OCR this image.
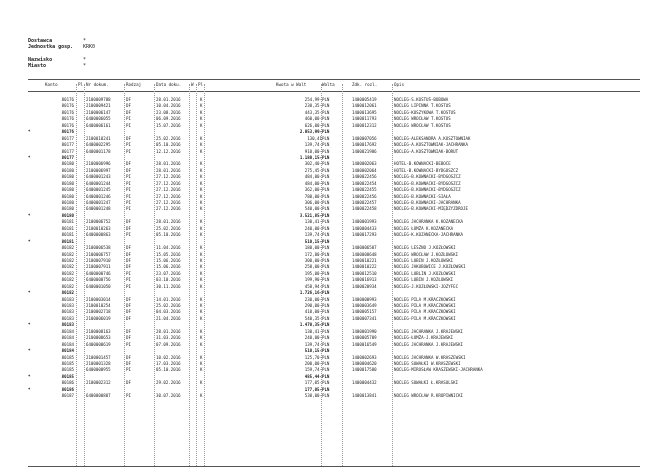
Dostawca	*
Jednostka gosp. KRK0
Nazwisko	*
Miasto	*
Konto	Pl Nr dokum.	Rodzaj	Data doku. W Pl	Kwota w Walt	Walta	Zdk. rozl.	Opis
80176	2100009788	DF	28.01.2016	K	254,99- PLN	1400005419	NOCLEG-S.KOSTUŚ-BOBOWA
80176	2100009421	DF	10.04.2016	K	230,35- PLN	1400012061	NOCLEG LIPINNA T.KOSTUŚ
80176	2100006147	DF	23.08.2016	K	443,35- PLN	1400013695	NOCLEG-KOSZYKOWA T.KOSTUŚ
80176	6400006055	PI	06.09.2016	K	460,00- PLN	1400011793	NOCLEG WROCŁAW T.KOSTUŚ
80176	6400006161	PI	15.07.2016	K	626,00- PLN	1400012312	NOCLEG WROCŁAW T.KOSTUŚ
*	80176	2.053,99- PLN
80177	2100010241	DF	25.02.2016	K	130,41 PLN	1400007056	NOCLEG-ALEKSANDRA A.KOSZTOWNIAK
80177	6400002295	PI	05.10.2016	K	139,74- PLN	1400017692	NOCLEG-A.KOSZTOWNIAK-JACHRANKA
80177	6400001178	PI	12.12.2016	K	910,00- PLN	1400021986	NOCLEG-A.KOSZTOWNIAK-BORUT
*	80177	1.180,15- PLN
80180	2100006996	DF	28.01.2016	K	302,40- PLN	1400002063	HOTEL-B.KOWNACKI-BEBOCE
80180	2100006997	DF	28.01.2016	K	275,45- PLN	1400002064	HOTEL-B.KOWNACKI-BYDGOSZCZ
80180	6400001243	PI	27.12.2016	K	484,00- PLN	1400022456	NOCLEG-B.KOWNACKI-BYDGOSZCZ
80180	6400001244	PI	27.12.2016	K	484,00- PLN	1400022454	NOCLEG-B.KOWNACKI-BYDGOSZCZ
80180	6400001245	PI	27.12.2016	K	362,00- PLN	1400022455	NOCLEG-B.KOWNACKI-BYDGOSZCZ
80180	6400001246	PI	27.12.2016	K	780,00- PLN	1400022456	NOCLEG-B.KOWNACKI-SIAŁA
80180	6400001247	PI	27.12.2016	K	306,00- PLN	1400022457	NOCLEG-B.KOWNACKI-JACHRANKA
80180	6400001248	PI	27.12.2016	K	540,00- PLN	1400022458	NOCLEG-B.KOWNACKI-MIĘDZYZDROJE
*	80180	3.521,85- PLN
80181	2100006752	DF	28.01.2016	K	130,41- PLN	1400001993	NOCLEG JACHRANKA K.KOZANECKA
80181	2100010263	DF	25.02.2016	K	240,00- PLN	1400004433	NOCLEG ŁOMŻA K.KOZANECKA
80181	6400000863	PI	05.10.2016	K	139,74- PLN	1400017293	NOCLEG-K.KOZANECKA-JACHRANKA
*	80181	510,15- PLN
80182	2100006538	DF	11.04.2016	K	180,00- PLN	1400006507	NOCLEG LESZNO J.KOZŁOWSKI
80182	2100006757	DF	15.05.2016	K	172,80- PLN	1400008648	NOCLEG WROCŁAW J.KOZŁOWSKI
80182	2100007910	DF	15.06.2016	K	300,00- PLN	1400010221	NOCLEG LUBIN J.KOZŁOWSKI
80182	2100007911	DF	15.06.2016	K	258,00- PLN	1400010222	NOCLEG JAKUBOWICE J.KOZŁOWSKI
80182	6400000746	PI	23.07.2016	K	195,00- PLN	1400012510	NOCLEG LUBLIN J.KOZŁOWSKI
80182	6400000756	PI	03.10.2016	K	199,90- PLN	1400016913	NOCLEG LUBIN J.KOZŁOWSKI
80182	6400001050	PI	30.11.2016	K	458,94- PLN	1400020934	NOCLEG-J.KOZŁOWSKI-JOZYFEC
*	80182	1.726,16- PLN
80183	2100003014	DF	14.01.2016	K	230,00- PLN	1400000993	NOCLEG PILA M.KRACZKOWSKI
80183	2100010254	DF	25.02.2016	K	290,00- PLN	1400003649	NOCLEG PILA M.KRACZKOWSKI
80183	2100002718	DF	04.03.2016	K	410,00- PLN	1400005157	NOCLEG PILA M.KRACZKOWSKI
80183	2100006019	DF	21.04.2016	K	540,35- PLN	1400007341	NOCLEG-PILA M.KRACZKOWSKI
*	80183	1.470,35- PLN
80184	2100008163	DF	28.01.2016	K	130,41- PLN	1400001990	NOCLEG JACHRANKA J.KRAJEWSKI
80184	2100008653	DF	31.03.2016	K	240,00- PLN	1400005709	NOCLEG-ŁOMŻA-J.KRAJEWSKI
80184	6400000619	PI	07.09.2016	K	139,74- PLN	1400016549	NOCLEG JACHRANKA J.KRAJEWSKI
*	80184	510,15- PLN
80185	2100001457	DF	10.02.2016	K	125,70- PLN	1400002693	NOCLEG JACHRANKA W.KRASZEWSKI
80185	2100001328	DF	17.03.2016	K	200,00- PLN	1400004620	NOCLEG SUWAŁKI W.KRASZEWSKI
80185	6400000955	PI	05.10.2016	K	159,74- PLN	1400017580	NOCLEG-MIROSŁAW KRASZEWSKI-JACHRANKA
*	80185	485,44- PLN
80186	2100002312	DF	29.02.2016	K	177,05- PLN	1400004432	NOCLEG SUWAŁKI Ł.KRASULSKI
*	80186	177,05- PLN
80187	6400000807	PI	30.07.2016	K	530,00- PLN	1400013841	NOCLEG WROCŁAW R.KROPIWNICKI
